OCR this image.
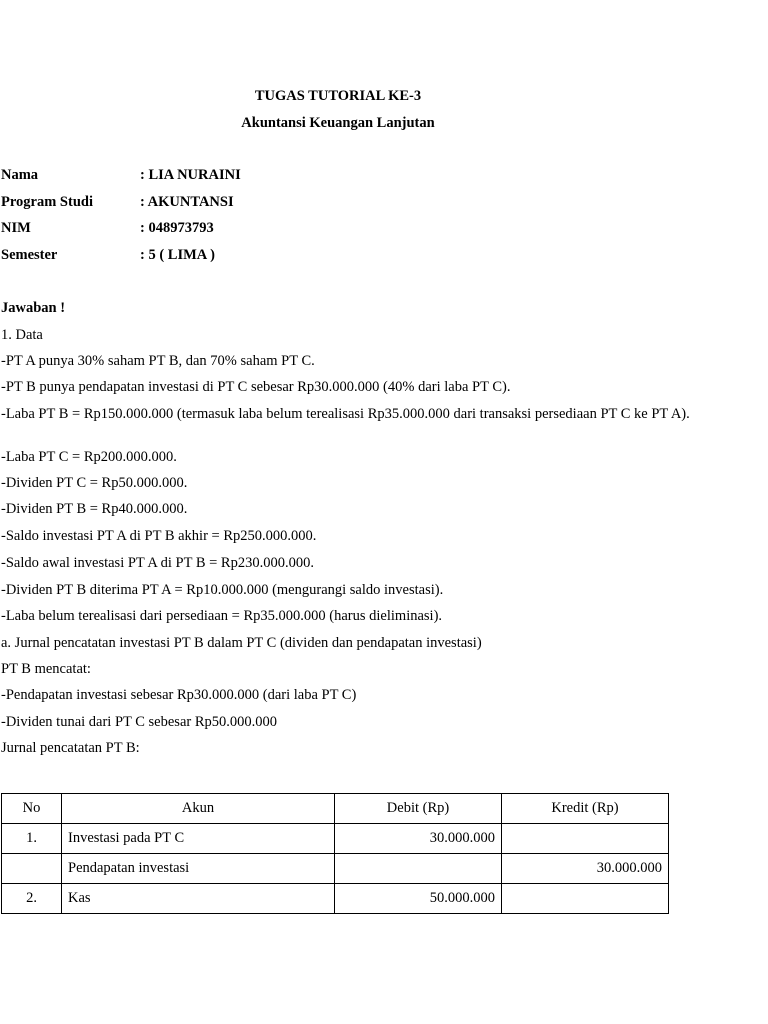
TUGAS TUTORIAL KE-3
Akuntansi Keuangan Lanjutan
Nama	: LIA NURAINI
Program Studi	: AKUNTANSI
NIM	: 048973793
Semester	: 5 ( LIMA )
Jawaban !
1. Data
-PT A punya 30% saham PT B, dan 70% saham PT C.
-PT B punya pendapatan investasi di PT C sebesar Rp30.000.000 (40% dari laba PT C).
-Laba PT B = Rp150.000.000 (termasuk laba belum terealisasi Rp35.000.000 dari transaksi persediaan PT C ke PT A).
-Laba PT C = Rp200.000.000.
-Dividen PT C = Rp50.000.000.
-Dividen PT B = Rp40.000.000.
-Saldo investasi PT A di PT B akhir = Rp250.000.000.
-Saldo awal investasi PT A di PT B = Rp230.000.000.
-Dividen PT B diterima PT A = Rp10.000.000 (mengurangi saldo investasi).
-Laba belum terealisasi dari persediaan = Rp35.000.000 (harus dieliminasi).
a. Jurnal pencatatan investasi PT B dalam PT C (dividen dan pendapatan investasi)
PT B mencatat:
-Pendapatan investasi sebesar Rp30.000.000 (dari laba PT C)
-Dividen tunai dari PT C sebesar Rp50.000.000
Jurnal pencatatan PT B:
No	Akun	Debit (Rp)	Kredit (Rp)
1.	Investasi pada PT C	30.000.000	
	Pendapatan investasi		30.000.000
2.	Kas	50.000.000	
